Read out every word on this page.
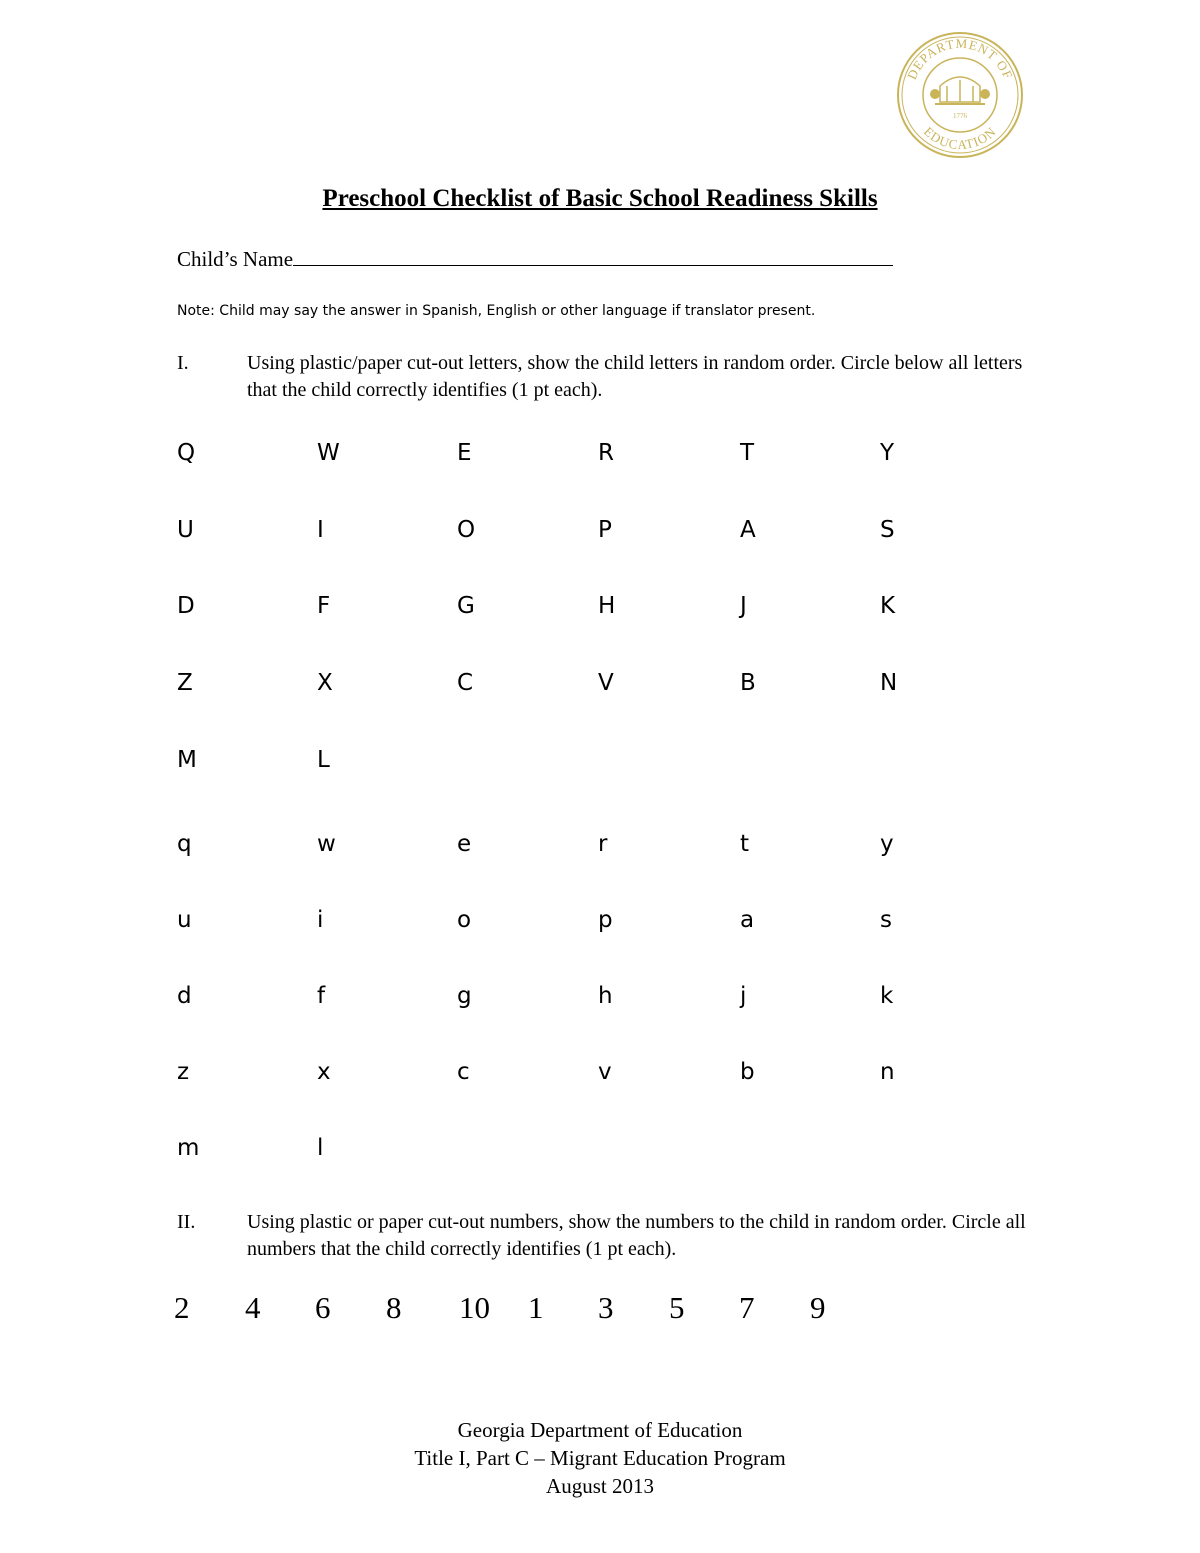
DEPARTMENT OF
EDUCATION
1776
Preschool Checklist of Basic School Readiness Skills
Child’s Name
Note: Child may say the answer in Spanish, English or other language if translator present.
I.	Using plastic/paper cut-out letters, show the child letters in random order. Circle below all letters that the child correctly identifies (1 pt each).
Q	W	E	R	T	Y
U	I	O	P	A	S
D	F	G	H	J	K
Z	X	C	V	B	N
M	L
q	w	e	r	t	y
u	i	o	p	a	s
d	f	g	h	j	k
z	x	c	v	b	n
m	l
II.	Using plastic or paper cut-out numbers, show the numbers to the child in random order. Circle all numbers that the child correctly identifies (1 pt each).
2 4 6 8 10 1 3 5 7 9
Georgia Department of Education
Title I, Part C – Migrant Education Program
August 2013
